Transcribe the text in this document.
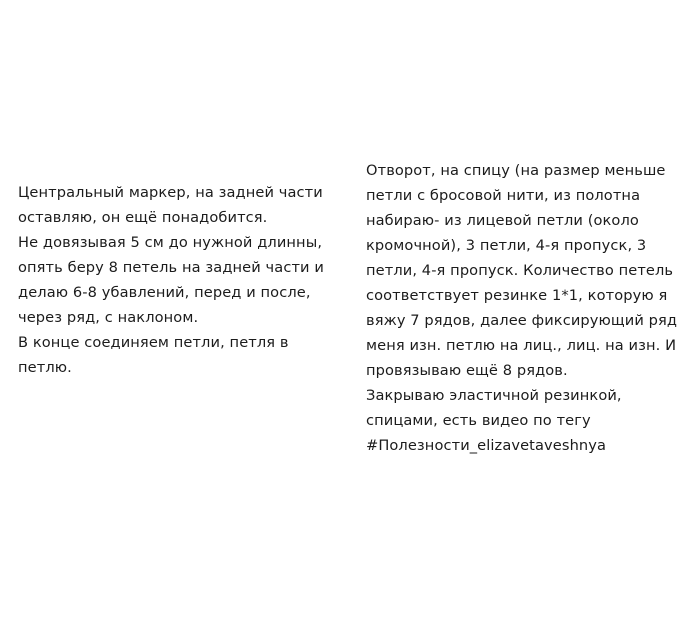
Центральный маркер, на задней части
оставляю, он ещё понадобится.
Не довязывая 5 см до нужной длинны,
опять беру 8 петель на задней части и
делаю 6-8 убавлений, перед и после,
через ряд, с наклоном.
В конце соединяем петли, петля в
петлю.
Отворот, на спицу (на размер меньше
петли с бросовой нити, из полотна
набираю- из лицевой петли (около
кромочной), 3 петли, 4-я пропуск, 3
петли, 4-я пропуск. Количество петель
соответствует резинке 1*1, которую я
вяжу 7 рядов, далее фиксирующий ряд
меня изн. петлю на лиц., лиц. на изн. И
провязываю ещё 8 рядов.
Закрываю эластичной резинкой,
спицами, есть видео по тегу
#Полезности_elizavetaveshnya
